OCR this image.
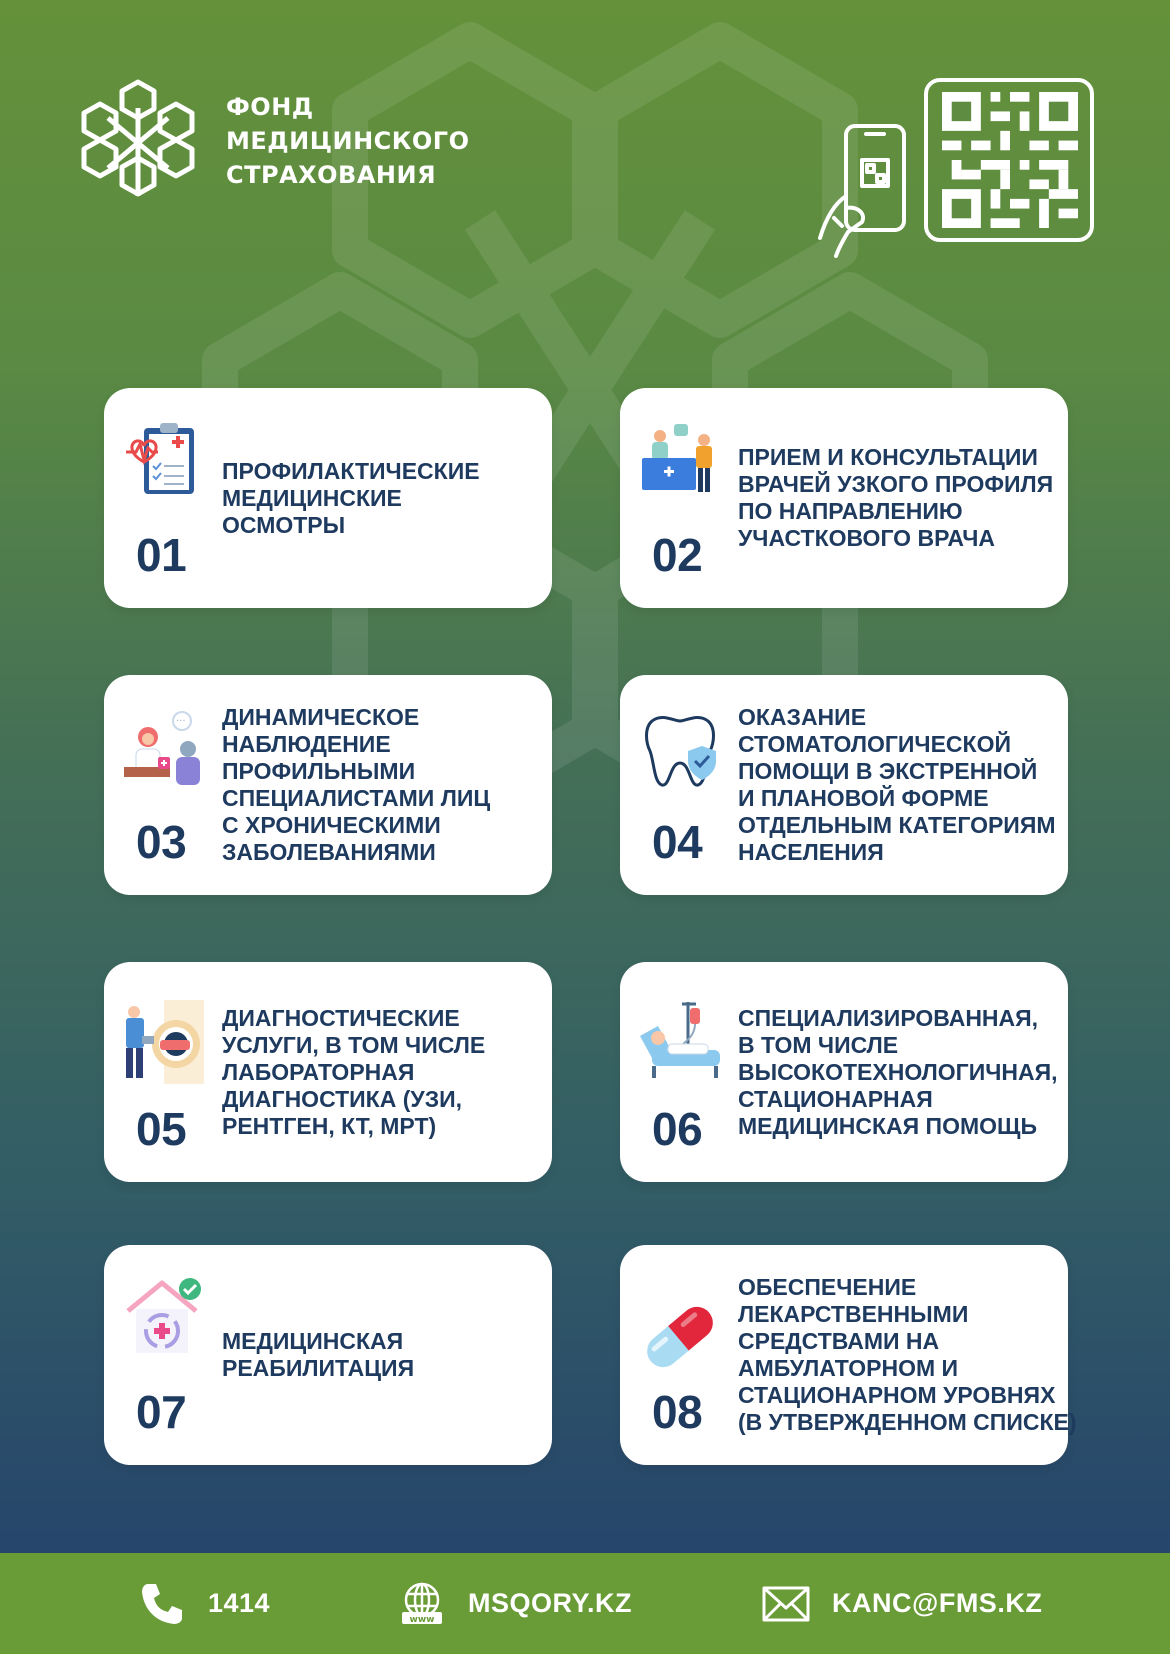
ФОНД
МЕДИЦИНСКОГО
СТРАХОВАНИЯ
01
ПРОФИЛАКТИЧЕСКИЕ
МЕДИЦИНСКИЕ
ОСМОТРЫ
02
ПРИЕМ И КОНСУЛЬТАЦИИ
ВРАЧЕЙ УЗКОГО ПРОФИЛЯ
ПО НАПРАВЛЕНИЮ
УЧАСТКОВОГО ВРАЧА
···
03
ДИНАМИЧЕСКОЕ
НАБЛЮДЕНИЕ
ПРОФИЛЬНЫМИ
СПЕЦИАЛИСТАМИ ЛИЦ
С ХРОНИЧЕСКИМИ
ЗАБОЛЕВАНИЯМИ	04
ОКАЗАНИЕ
СТОМАТОЛОГИЧЕСКОЙ
ПОМОЩИ В ЭКСТРЕННОЙ
И ПЛАНОВОЙ ФОРМЕ
ОТДЕЛЬНЫМ КАТЕГОРИЯМ
НАСЕЛЕНИЯ
05
ДИАГНОСТИЧЕСКИЕ
УСЛУГИ, В ТОМ ЧИСЛЕ
ЛАБОРАТОРНАЯ
ДИАГНОСТИКА (УЗИ,
РЕНТГЕН, КТ, МРТ)	06
СПЕЦИАЛИЗИРОВАННАЯ,
В ТОМ ЧИСЛЕ
ВЫСОКОТЕХНОЛОГИЧНАЯ,
СТАЦИОНАРНАЯ
МЕДИЦИНСКАЯ ПОМОЩЬ
07
МЕДИЦИНСКАЯ
РЕАБИЛИТАЦИЯ
08
ОБЕСПЕЧЕНИЕ
ЛЕКАРСТВЕННЫМИ
СРЕДСТВАМИ НА
АМБУЛАТОРНОМ И
СТАЦИОНАРНОМ УРОВНЯХ
(В УТВЕРЖДЕННОМ СПИСКЕ)
1414
www
MSQORY.KZ	KANC@FMS.KZ
